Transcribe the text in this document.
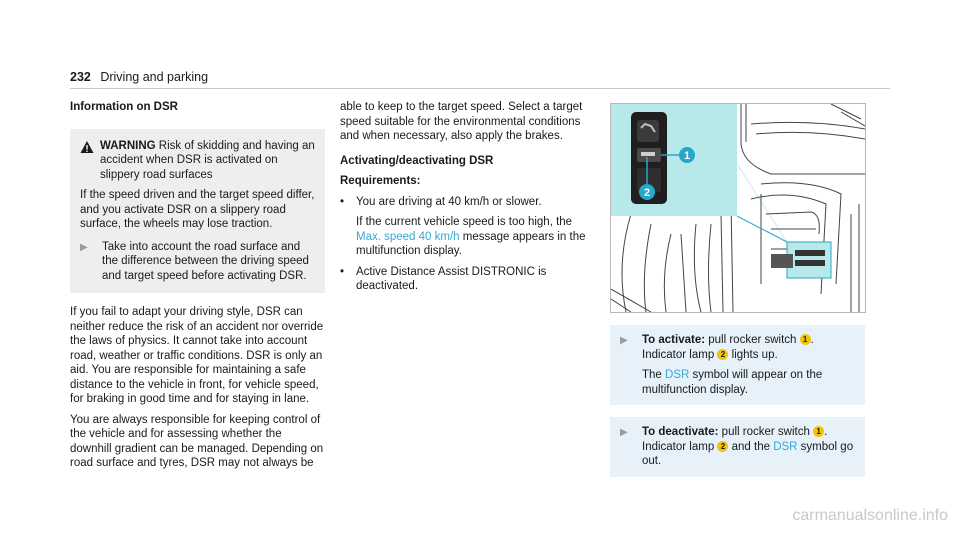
232 Driving and parking
Information on DSR
WARNING Risk of skidding and having an accident when DSR is activated on slippery road surfaces
If the speed driven and the target speed differ, and you activate DSR on a slippery road surface, the wheels may lose traction.
▶	Take into account the road surface and the difference between the driving speed and target speed before activating DSR.

If you fail to adapt your driving style, DSR can neither reduce the risk of an accident nor override the laws of physics. It cannot take into account road, weather or traffic conditions. DSR is only an aid. You are responsible for maintaining a safe distance to the vehicle in front, for vehicle speed, for braking in good time and for staying in lane.

You are always responsible for keeping control of the vehicle and for assessing whether the downhill gradient can be managed. Depending on road surface and tyres, DSR may not always be

able to keep to the target speed. Select a target speed suitable for the environmental conditions and when necessary, also apply the brakes.

Activating/deactivating DSR
Requirements:
•	You are driving at 40 km/h or slower.
If the current vehicle speed is too high, the Max. speed 40 km/h message appears in the multifunction display.
•	Active Distance Assist DISTRONIC is deactivated.
1
2
▶	To activate: pull rocker switch 1 .
Indicator lamp 2 lights up.
The DSR symbol will appear on the multifunction display.
▶	To deactivate: pull rocker switch 1 .
Indicator lamp 2 and the DSR symbol go out.
carmanualsonline.info
